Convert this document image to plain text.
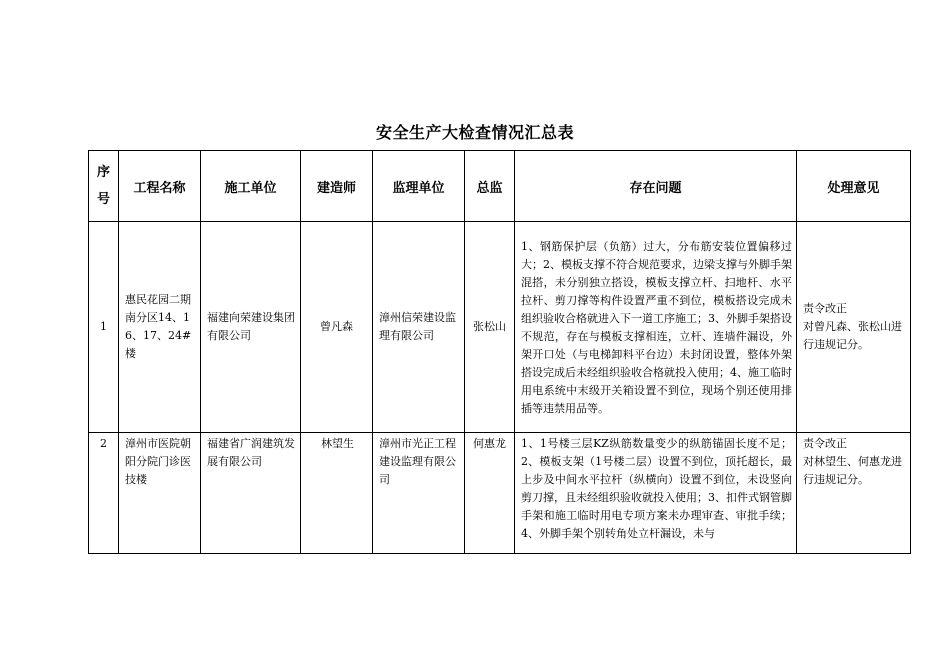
安全生产大检查情况汇总表
序
号	工程名称	施工单位	建造师	监理单位	总监	存在问题	处理意见
1	惠民花园二期南分区14、16、17、24#楼	福建向荣建设集团有限公司	曾凡森	漳州信荣建设监理有限公司	张松山	1、钢筋保护层（负筋）过大，分布筋安装位置偏移过大；2、模板支撑不符合规范要求，边梁支撑与外脚手架混搭，未分别独立搭设，模板支撑立杆、扫地杆、水平拉杆、剪刀撑等构件设置严重不到位，模板搭设完成未组织验收合格就进入下一道工序施工；3、外脚手架搭设不规范，存在与模板支撑相连，立杆、连墙件漏设，外架开口处（与电梯卸料平台边）未封闭设置，整体外架搭设完成后未经组织验收合格就投入使用；4、施工临时用电系统中末级开关箱设置不到位，现场个别还使用排插等违禁用品等。	责令改正
对曾凡森、张松山进行违规记分。

2	漳州市医院朝阳分院门诊医技楼	福建省广润建筑发展有限公司	林望生	漳州市光正工程建设监理有限公司	何惠龙	1、1号楼三层KZ纵筋数量变少的纵筋锚固长度不足；2、模板支架（1号楼二层）设置不到位，顶托超长，最上步及中间水平拉杆（纵横向）设置不到位，未设竖向剪刀撑，且未经组织验收就投入使用；3、扣件式钢管脚手架和施工临时用电专项方案未办理审查、审批手续；4、外脚手架个别转角处立杆漏设，未与	责令改正
对林望生、何惠龙进行违规记分。
